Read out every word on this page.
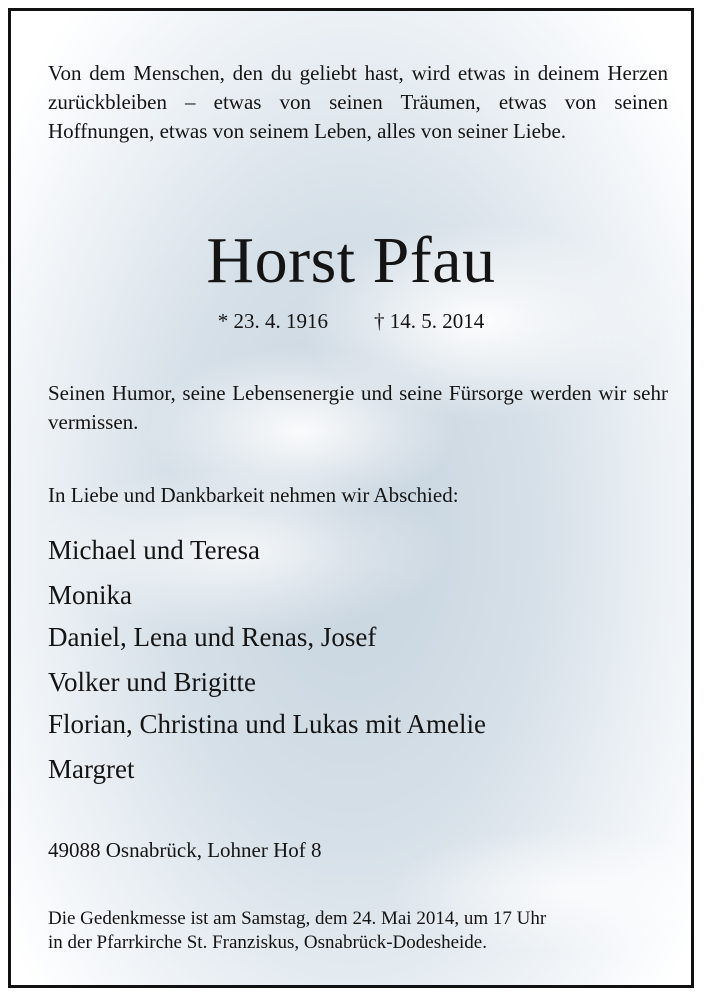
Von dem Menschen, den du geliebt hast, wird etwas in deinem Herzen zurückbleiben – etwas von seinen Träumen, etwas von seinen Hoffnungen, etwas von seinem Leben, alles von seiner Liebe.
Horst Pfau
* 23. 4. 1916 † 14. 5. 2014
Seinen Humor, seine Lebensenergie und seine Fürsorge werden wir sehr vermissen.
In Liebe und Dankbarkeit nehmen wir Abschied:
Michael und Teresa
Monika
Daniel, Lena und Renas, Josef
Volker und Brigitte
Florian, Christina und Lukas mit Amelie
Margret
49088 Osnabrück, Lohner Hof 8
Die Gedenkmesse ist am Samstag, dem 24. Mai 2014, um 17 Uhr
in der Pfarrkirche St. Franziskus, Osnabrück-Dodesheide.
